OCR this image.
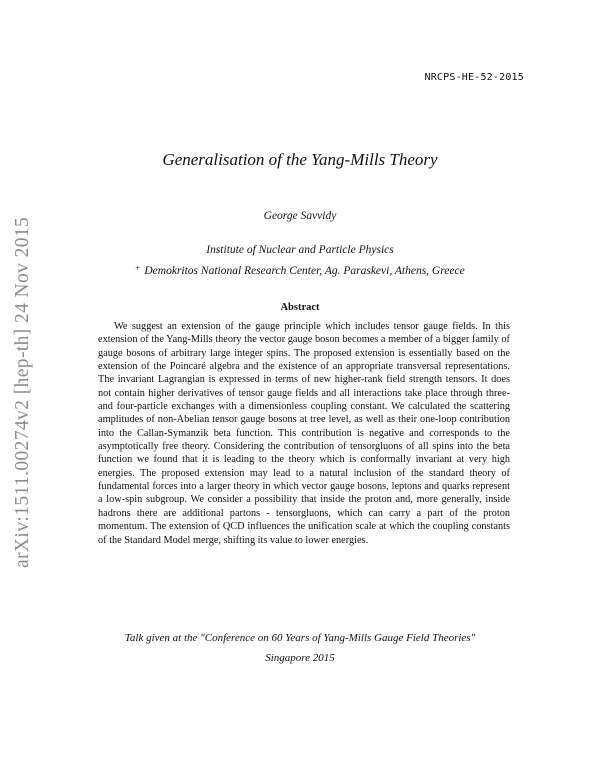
NRCPS-HE-52-2015
arXiv:1511.00274v2 [hep-th] 24 Nov 2015
Generalisation of the Yang-Mills Theory
George Savvidy
Institute of Nuclear and Particle Physics
+ Demokritos National Research Center, Ag. Paraskevi, Athens, Greece
Abstract
We suggest an extension of the gauge principle which includes tensor gauge fields. In this extension of the Yang-Mills theory the vector gauge boson becomes a member of a bigger family of gauge bosons of arbitrary large integer spins. The proposed extension is essentially based on the extension of the Poincaré algebra and the existence of an appropriate transversal representations. The invariant Lagrangian is expressed in terms of new higher-rank field strength tensors. It does not contain higher derivatives of tensor gauge fields and all interactions take place through three- and four-particle exchanges with a dimensionless coupling constant. We calculated the scattering amplitudes of non-Abelian tensor gauge bosons at tree level, as well as their one-loop contribution into the Callan-Symanzik beta function. This contribution is negative and corresponds to the asymptotically free theory. Considering the contribution of tensorgluons of all spins into the beta function we found that it is leading to the theory which is conformally invariant at very high energies. The proposed extension may lead to a natural inclusion of the standard theory of fundamental forces into a larger theory in which vector gauge bosons, leptons and quarks represent a low-spin subgroup. We consider a possibility that inside the proton and, more generally, inside hadrons there are additional partons - tensorgluons, which can carry a part of the proton momentum. The extension of QCD influences the unification scale at which the coupling constants of the Standard Model merge, shifting its value to lower energies.
Talk given at the "Conference on 60 Years of Yang-Mills Gauge Field Theories"
Singapore 2015
